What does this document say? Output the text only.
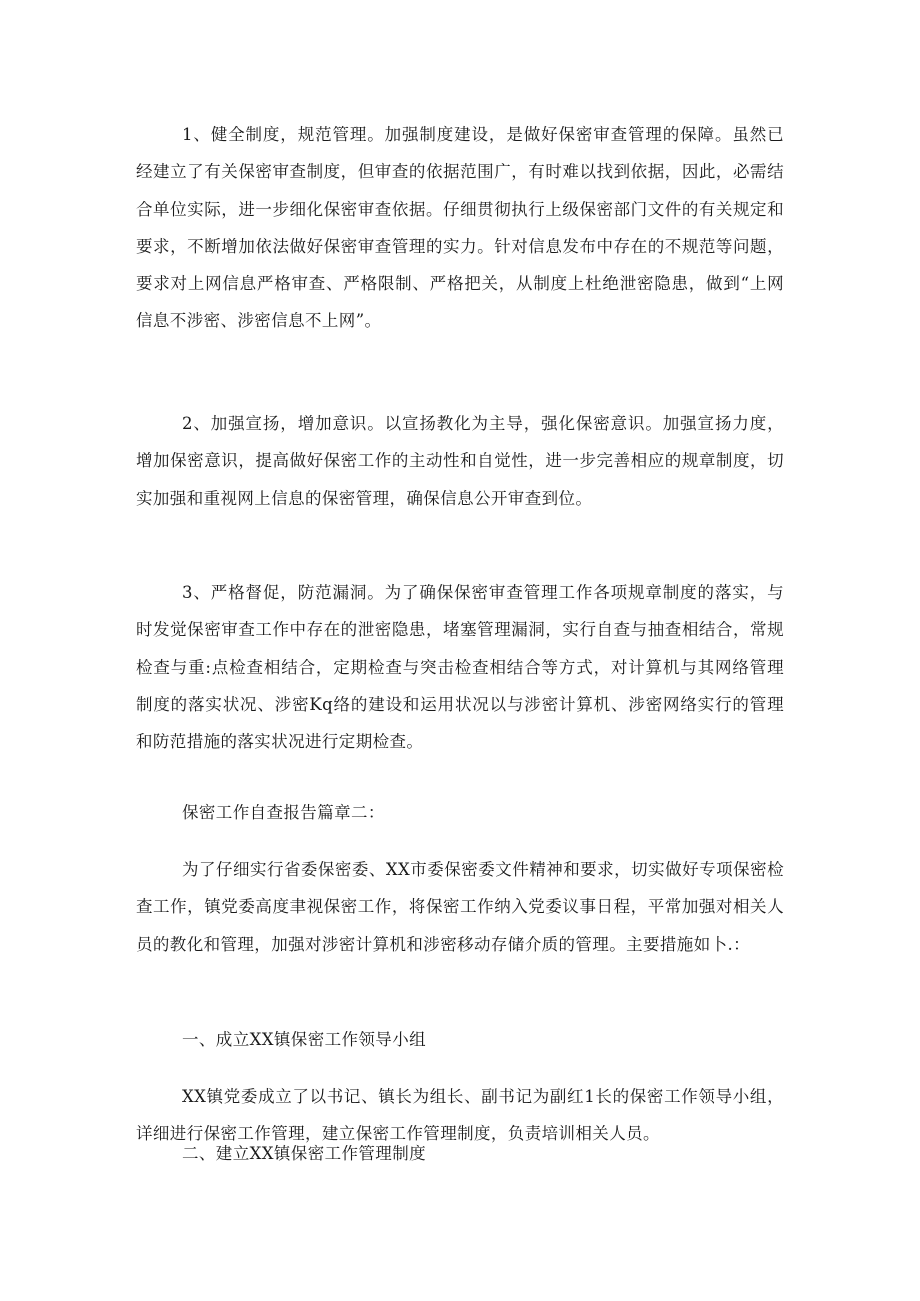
1、健全制度，规范管理。加强制度建设，是做好保密审查管理的保障。虽然已经建立了有关保密审查制度，但审查的依据范围广，有时难以找到依据，因此，必需结合单位实际，进一步细化保密审查依据。仔细贯彻执行上级保密部门文件的有关规定和要求，不断增加依法做好保密审查管理的实力。针对信息发布中存在的不规范等问题，要求对上网信息严格审查、严格限制、严格把关，从制度上杜绝泄密隐患，做到“上网信息不涉密、涉密信息不上网”。

2、加强宣扬，增加意识。以宣扬教化为主导，强化保密意识。加强宣扬力度，增加保密意识，提高做好保密工作的主动性和自觉性，进一步完善相应的规章制度，切实加强和重视网上信息的保密管理，确保信息公开审查到位。

3、严格督促，防范漏洞。为了确保保密审查管理工作各项规章制度的落实，与时发觉保密审查工作中存在的泄密隐患，堵塞管理漏洞，实行自查与抽查相结合，常规检查与重:点检查相结合，定期检查与突击检查相结合等方式，对计算机与其网络管理制度的落实状况、涉密Kq络的建设和运用状况以与涉密计算机、涉密网络实行的管理和防范措施的落实状况进行定期检查。

保密工作自查报告篇章二：

为了仔细实行省委保密委、XX市委保密委文件精神和要求，切实做好专项保密检查工作，镇党委高度聿视保密工作，将保密工作纳入党委议事日程，平常加强对相关人员的教化和管理，加强对涉密计算机和涉密移动存储介质的管理。主要措施如卜.：

一、成立XX镇保密工作领导小组

XX镇党委成立了以书记、镇长为组长、副书记为副红1长的保密工作领导小组，详细进行保密工作管理，建立保密工作管理制度，负责培训相关人员。

二、建立XX镇保密工作管理制度
